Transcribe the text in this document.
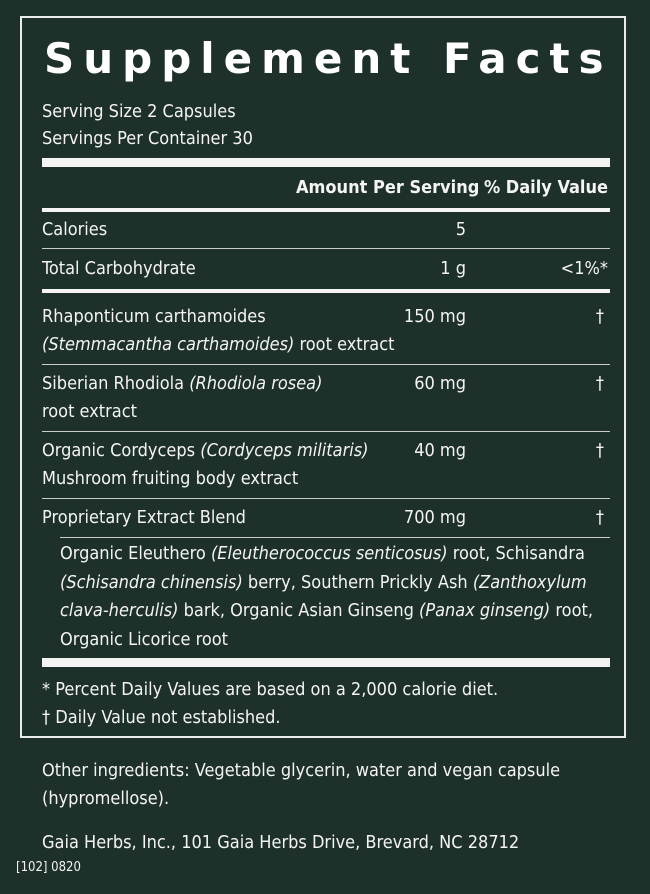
Supplement Facts
Serving Size 2 Capsules
Servings Per Container 30
Amount Per Serving % Daily Value
Calories	5
Total Carbohydrate	1 g	<1%*
Rhaponticum carthamoides
(Stemmacantha carthamoides) root extract
150 mg	†
Siberian Rhodiola (Rhodiola rosea)
root extract
60 mg	†
Organic Cordyceps (Cordyceps militaris)
Mushroom fruiting body extract
40 mg	†
Proprietary Extract Blend	700 mg	†
Organic Eleuthero (Eleutherococcus senticosus) root, Schisandra (Schisandra chinensis) berry, Southern Prickly Ash (Zanthoxylum clava-herculis) bark, Organic Asian Ginseng (Panax ginseng) root, Organic Licorice root
* Percent Daily Values are based on a 2,000 calorie diet.
† Daily Value not established.
Other ingredients: Vegetable glycerin, water and vegan capsule
(hypromellose).
Gaia Herbs, Inc., 101 Gaia Herbs Drive, Brevard, NC 28712
[102] 0820
